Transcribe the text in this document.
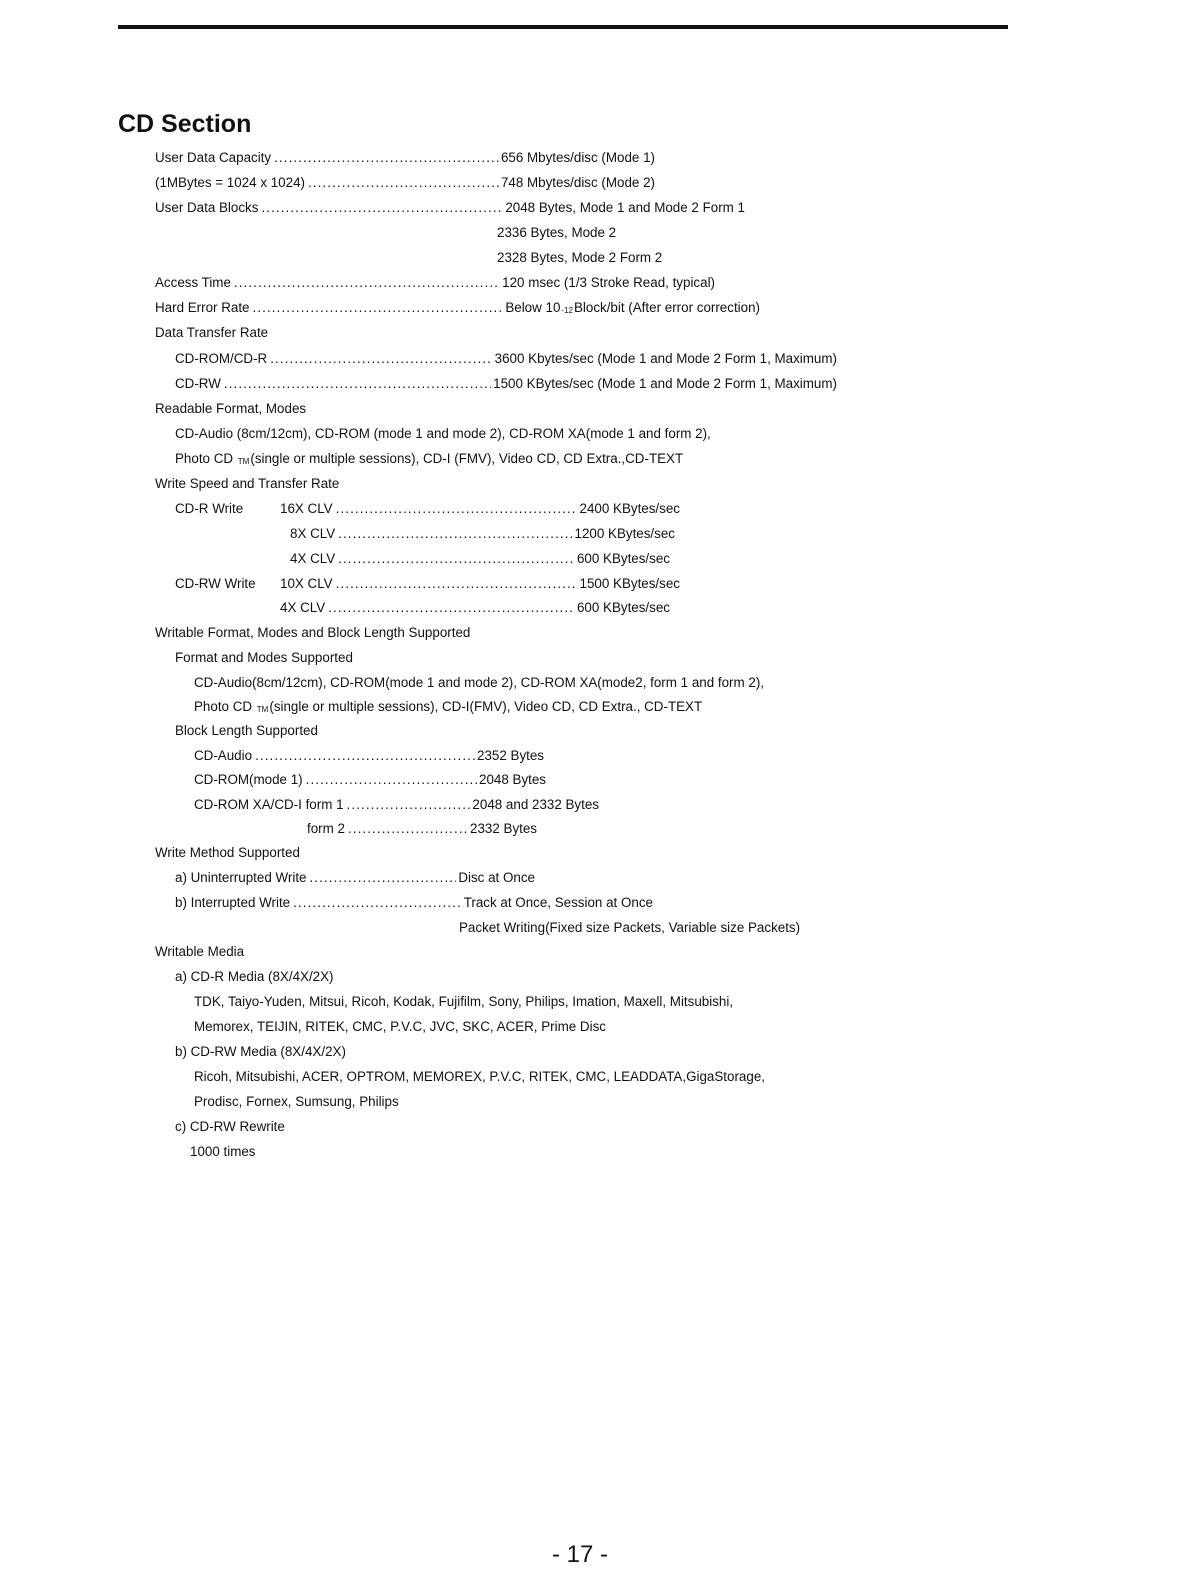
CD Section
User Data Capacity .....	656 Mbytes/disc (Mode 1)
(1MBytes = 1024 x 1024) .....	748 Mbytes/disc (Mode 2)
User Data Blocks .....	2048 Bytes, Mode 1 and Mode 2 Form 1
2336 Bytes, Mode 2
2328 Bytes, Mode 2 Form 2
Access Time .....	120 msec (1/3 Stroke Read, typical)
Hard Error Rate .....	Below $10_{-12}Block$/bit (After error correction)
Data Transfer Rate
CD-ROM/CD-R .....	3600 Kbytes/sec (Mode 1 and Mode 2 Form 1, Maximum)
CD-RW .....	1500 KBytes/sec (Mode 1 and Mode 2 Form 1, Maximum)
Readable Format, Modes
CD-Audio (8cm/12cm), CD-ROM (mode 1 and mode 2), CD-ROM XA(mode 1 and form 2),
Photo CD $_{TM}$(single or multiple sessions), CD-I (FMV), Video CD, CD Extra.,CD-TEXT
Write Speed and Transfer Rate
CD-R Write	16X CLV .....	2400 KBytes/sec
8X CLV .....	1200 KBytes/sec
4X CLV .....	600 KBytes/sec
CD-RW Write 10X CLV .....	1500 KBytes/sec
4X CLV .....	600 KBytes/sec
Writable Format, Modes and Block Length Supported
Format and Modes Supported
CD-Audio(8cm/12cm), CD-ROM(mode 1 and mode 2), CD-ROM XA(mode2, form 1 and form 2),
Photo CD $_{TM}$(single or multiple sessions), CD-I(FMV), Video CD, CD Extra., CD-TEXT
Block Length Supported
CD-Audio .....	2352 Bytes
CD-ROM(mode 1) .....	2048 Bytes
CD-ROM XA/CD-I form 1 .....	2048 and 2332 Bytes
form 2 .....	2332 Bytes
Write Method Supported
a) Uninterrupted Write .....	Disc at Once
b) Interrupted Write .....	Track at Once, Session at Once
Packet Writing(Fixed size Packets, Variable size Packets)
Writable Media
a) CD-R Media (8X/4X/2X)
TDK, Taiyo-Yuden, Mitsui, Ricoh, Kodak, Fujifilm, Sony, Philips, Imation, Maxell, Mitsubishi,
Memorex, TEIJIN, RITEK, CMC, P.V.C, JVC, SKC, ACER, Prime Disc
b) CD-RW Media (8X/4X/2X)
Ricoh, Mitsubishi, ACER, OPTROM, MEMOREX, P.V.C, RITEK, CMC, LEADDATA,GigaStorage,
Prodisc, Fornex, Sumsung, Philips
c) CD-RW Rewrite
1000 times
- 17 -
